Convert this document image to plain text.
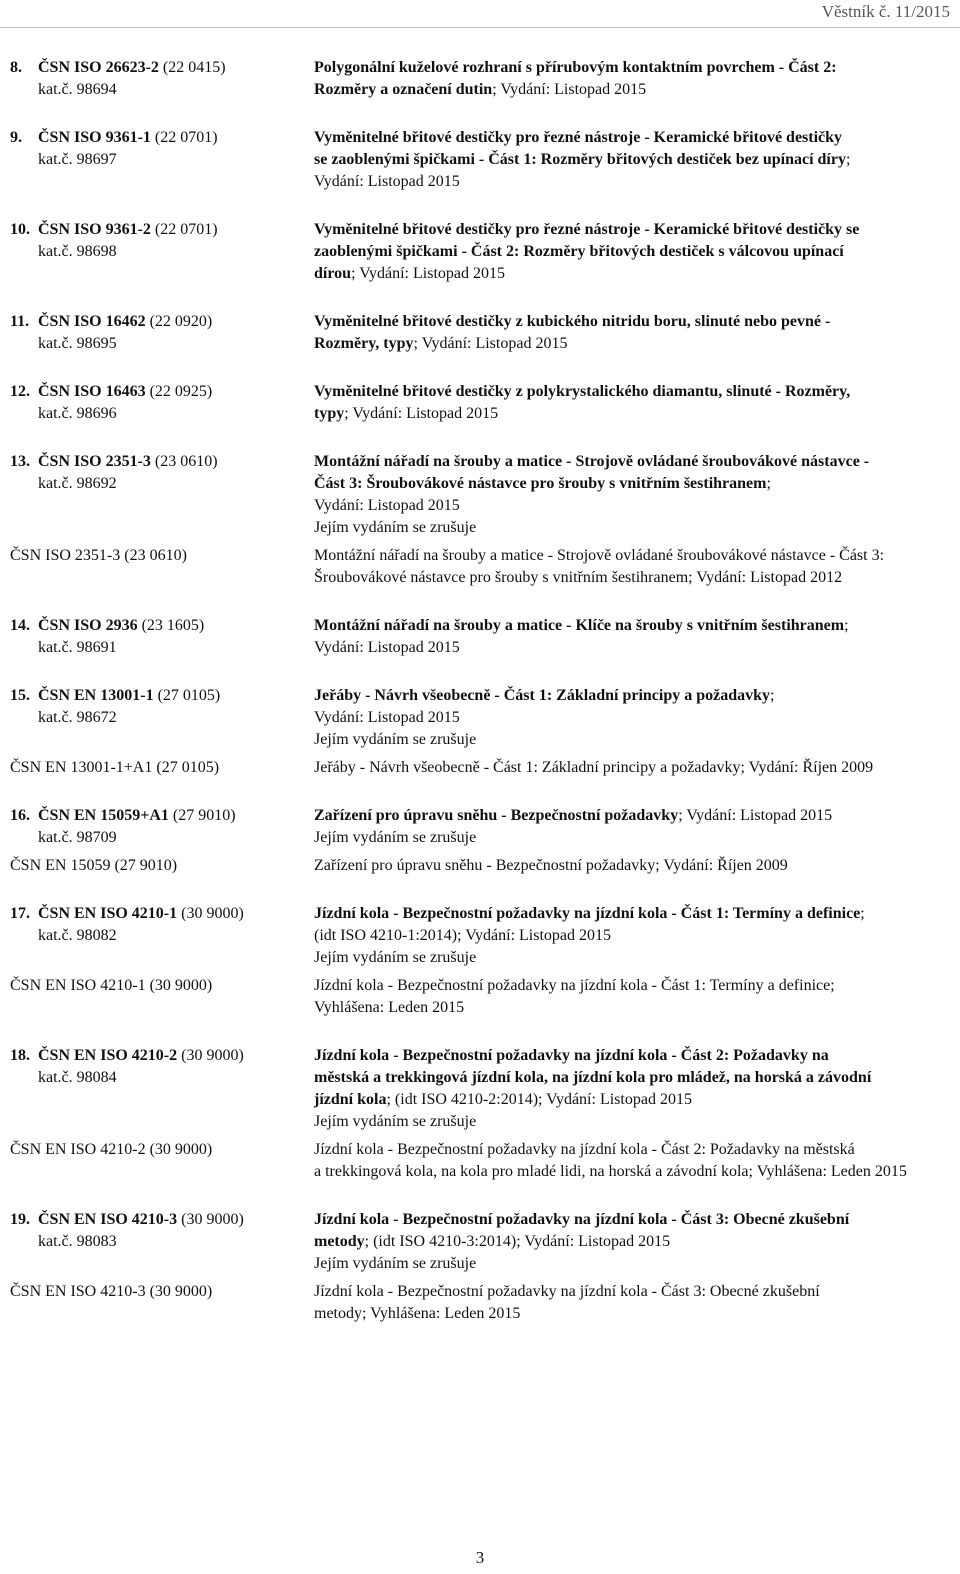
Věstník č. 11/2015
8. ČSN ISO 26623-2 (22 0415)	Polygonální kuželové rozhraní s přírubovým kontaktním povrchem - Část 2:
kat.č. 98694	Rozměry a označení dutin; Vydání: Listopad 2015
9. ČSN ISO 9361-1 (22 0701)	Vyměnitelné břitové destičky pro řezné nástroje - Keramické břitové destičky
kat.č. 98697	se zaoblenými špičkami - Část 1: Rozměry břitových destiček bez upínací díry;
Vydání: Listopad 2015
10. ČSN ISO 9361-2 (22 0701)	Vyměnitelné břitové destičky pro řezné nástroje - Keramické břitové destičky se
kat.č. 98698	zaoblenými špičkami - Část 2: Rozměry břitových destiček s válcovou upínací
dírou; Vydání: Listopad 2015
11. ČSN ISO 16462 (22 0920)	Vyměnitelné břitové destičky z kubického nitridu boru, slinuté nebo pevné -
kat.č. 98695	Rozměry, typy; Vydání: Listopad 2015
12. ČSN ISO 16463 (22 0925)	Vyměnitelné břitové destičky z polykrystalického diamantu, slinuté - Rozměry,
kat.č. 98696	typy; Vydání: Listopad 2015
13. ČSN ISO 2351-3 (23 0610)	Montážní nářadí na šrouby a matice - Strojově ovládané šroubovákové nástavce -
kat.č. 98692	Část 3: Šroubovákové nástavce pro šrouby s vnitřním šestihranem;
Vydání: Listopad 2015
Jejím vydáním se zrušuje
ČSN ISO 2351-3 (23 0610)	Montážní nářadí na šrouby a matice - Strojově ovládané šroubovákové nástavce - Část 3:
Šroubovákové nástavce pro šrouby s vnitřním šestihranem; Vydání: Listopad 2012
14. ČSN ISO 2936 (23 1605)	Montážní nářadí na šrouby a matice - Klíče na šrouby s vnitřním šestihranem;
kat.č. 98691	Vydání: Listopad 2015
15. ČSN EN 13001-1 (27 0105)	Jeřáby - Návrh všeobecně - Část 1: Základní principy a požadavky;
kat.č. 98672	Vydání: Listopad 2015
Jejím vydáním se zrušuje
ČSN EN 13001-1+A1 (27 0105)	Jeřáby - Návrh všeobecně - Část 1: Základní principy a požadavky; Vydání: Říjen 2009
16. ČSN EN 15059+A1 (27 9010)	Zařízení pro úpravu sněhu - Bezpečnostní požadavky; Vydání: Listopad 2015
kat.č. 98709	Jejím vydáním se zrušuje
ČSN EN 15059 (27 9010)	Zařízení pro úpravu sněhu - Bezpečnostní požadavky; Vydání: Říjen 2009
17. ČSN EN ISO 4210-1 (30 9000)	Jízdní kola - Bezpečnostní požadavky na jízdní kola - Část 1: Termíny a definice;
kat.č. 98082	(idt ISO 4210-1:2014); Vydání: Listopad 2015
Jejím vydáním se zrušuje
ČSN EN ISO 4210-1 (30 9000)	Jízdní kola - Bezpečnostní požadavky na jízdní kola - Část 1: Termíny a definice;
Vyhlášena: Leden 2015
18. ČSN EN ISO 4210-2 (30 9000)	Jízdní kola - Bezpečnostní požadavky na jízdní kola - Část 2: Požadavky na
kat.č. 98084	městská a trekkingová jízdní kola, na jízdní kola pro mládež, na horská a závodní
jízdní kola; (idt ISO 4210-2:2014); Vydání: Listopad 2015
Jejím vydáním se zrušuje
ČSN EN ISO 4210-2 (30 9000)	Jízdní kola - Bezpečnostní požadavky na jízdní kola - Část 2: Požadavky na městská
a trekkingová kola, na kola pro mladé lidi, na horská a závodní kola; Vyhlášena: Leden 2015
19. ČSN EN ISO 4210-3 (30 9000)	Jízdní kola - Bezpečnostní požadavky na jízdní kola - Část 3: Obecné zkušební
kat.č. 98083	metody; (idt ISO 4210-3:2014); Vydání: Listopad 2015
Jejím vydáním se zrušuje
ČSN EN ISO 4210-3 (30 9000)	Jízdní kola - Bezpečnostní požadavky na jízdní kola - Část 3: Obecné zkušební
metody; Vyhlášena: Leden 2015
3
